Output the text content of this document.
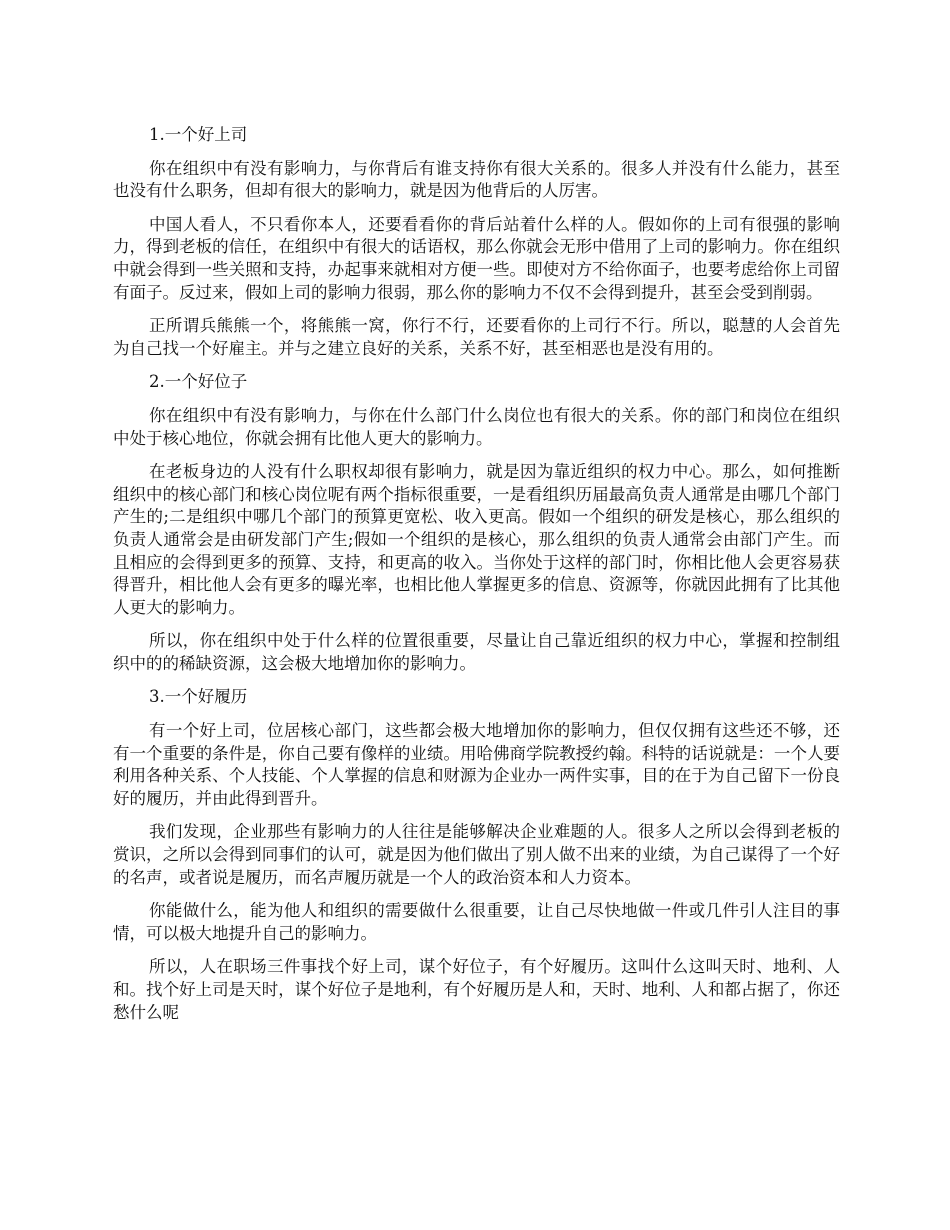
1.一个好上司

你在组织中有没有影响力，与你背后有谁支持你有很大关系的。很多人并没有什么能力，甚至也没有什么职务，但却有很大的影响力，就是因为他背后的人厉害。

中国人看人，不只看你本人，还要看看你的背后站着什么样的人。假如你的上司有很强的影响力，得到老板的信任，在组织中有很大的话语权，那么你就会无形中借用了上司的影响力。你在组织中就会得到一些关照和支持，办起事来就相对方便一些。即使对方不给你面子，也要考虑给你上司留有面子。反过来，假如上司的影响力很弱，那么你的影响力不仅不会得到提升，甚至会受到削弱。

正所谓兵熊熊一个，将熊熊一窝，你行不行，还要看你的上司行不行。所以，聪慧的人会首先为自己找一个好雇主。并与之建立良好的关系，关系不好，甚至相恶也是没有用的。

2.一个好位子

你在组织中有没有影响力，与你在什么部门什么岗位也有很大的关系。你的部门和岗位在组织中处于核心地位，你就会拥有比他人更大的影响力。

在老板身边的人没有什么职权却很有影响力，就是因为靠近组织的权力中心。那么，如何推断组织中的核心部门和核心岗位呢有两个指标很重要，一是看组织历届最高负责人通常是由哪几个部门产生的;二是组织中哪几个部门的预算更宽松、收入更高。假如一个组织的研发是核心，那么组织的负责人通常会是由研发部门产生;假如一个组织的是核心，那么组织的负责人通常会由部门产生。而且相应的会得到更多的预算、支持，和更高的收入。当你处于这样的部门时，你相比他人会更容易获得晋升，相比他人会有更多的曝光率，也相比他人掌握更多的信息、资源等，你就因此拥有了比其他人更大的影响力。

所以，你在组织中处于什么样的位置很重要，尽量让自己靠近组织的权力中心，掌握和控制组织中的的稀缺资源，这会极大地增加你的影响力。

3.一个好履历

有一个好上司，位居核心部门，这些都会极大地增加你的影响力，但仅仅拥有这些还不够，还有一个重要的条件是，你自己要有像样的业绩。用哈佛商学院教授约翰。科特的话说就是：一个人要利用各种关系、个人技能、个人掌握的信息和财源为企业办一两件实事，目的在于为自己留下一份良好的履历，并由此得到晋升。

我们发现，企业那些有影响力的人往往是能够解决企业难题的人。很多人之所以会得到老板的赏识，之所以会得到同事们的认可，就是因为他们做出了别人做不出来的业绩，为自己谋得了一个好的名声，或者说是履历，而名声履历就是一个人的政治资本和人力资本。

你能做什么，能为他人和组织的需要做什么很重要，让自己尽快地做一件或几件引人注目的事情，可以极大地提升自己的影响力。

所以，人在职场三件事找个好上司，谋个好位子，有个好履历。这叫什么这叫天时、地利、人和。找个好上司是天时，谋个好位子是地利，有个好履历是人和，天时、地利、人和都占据了，你还愁什么呢
